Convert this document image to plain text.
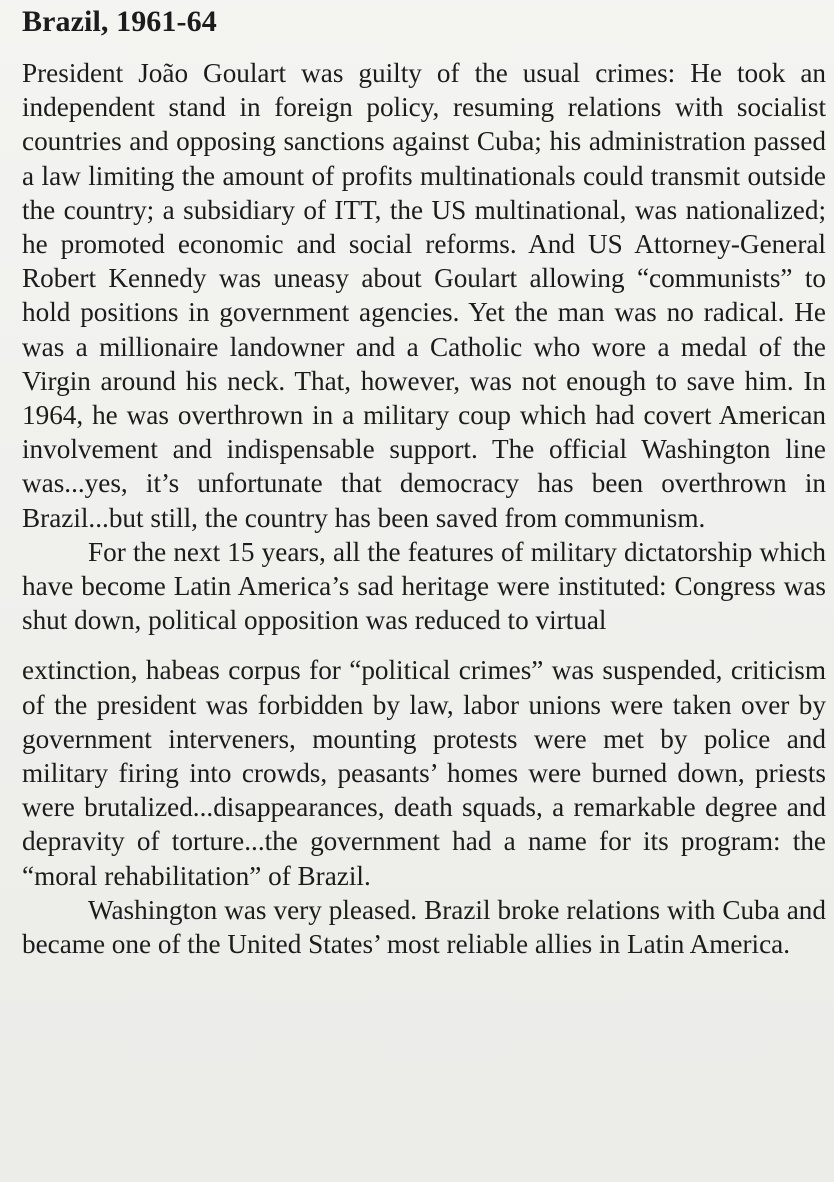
Brazil, 1961-64

President João Goulart was guilty of the usual crimes: He took an independent stand in foreign policy, resuming relations with socialist countries and opposing sanctions against Cuba; his administration passed a law limiting the amount of profits multinationals could transmit outside the country; a subsidiary of ITT, the US multinational, was nationalized; he promoted economic and social reforms. And US Attorney-General Robert Kennedy was uneasy about Goulart allowing “communists” to hold positions in government agencies. Yet the man was no radical. He was a millionaire landowner and a Catholic who wore a medal of the Virgin around his neck. That, however, was not enough to save him. In 1964, he was overthrown in a military coup which had covert American involvement and indispensable support. The official Washington line was...yes, it’s unfortunate that democracy has been overthrown in Brazil...but still, the country has been saved from communism.

For the next 15 years, all the features of military dictatorship which have become Latin America’s sad heritage were instituted: Congress was shut down, political opposition was reduced to virtual

extinction, habeas corpus for “political crimes” was suspended, criticism of the president was forbidden by law, labor unions were taken over by government interveners, mounting protests were met by police and military firing into crowds, peasants’ homes were burned down, priests were brutalized...disappearances, death squads, a remarkable degree and depravity of torture...the government had a name for its program: the “moral rehabilitation” of Brazil.

Washington was very pleased. Brazil broke relations with Cuba and became one of the United States’ most reliable allies in Latin America.
